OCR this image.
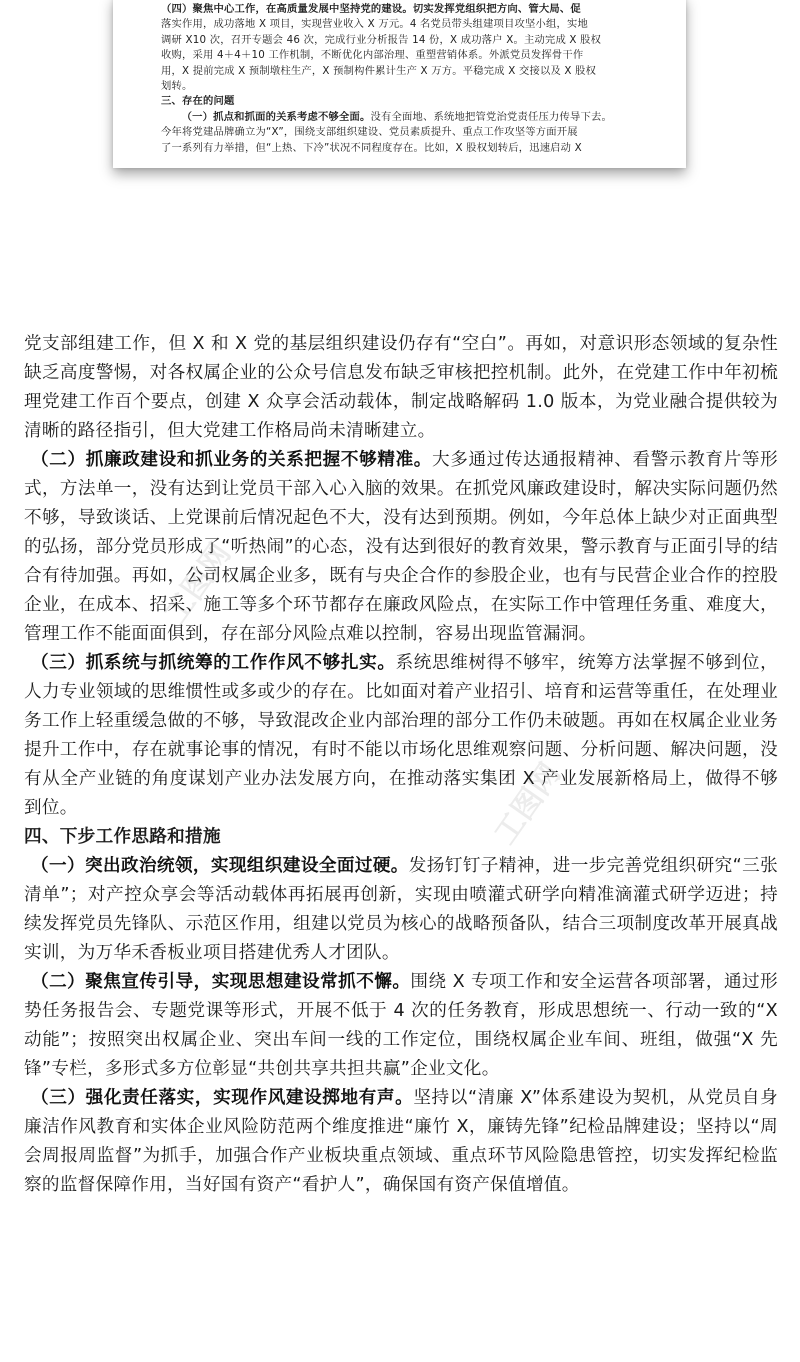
（四）聚焦中心工作，在高质量发展中坚持党的建设。切实发挥党组织把方向、管大局、促

落实作用，成功落地 X 项目，实现营业收入 X 万元。4 名党员带头组建项目攻坚小组，实地

调研 X10 次，召开专题会 46 次，完成行业分析报告 14 份，X 成功落户 X。主动完成 X 股权

收购，采用 4＋4＋10 工作机制，不断优化内部治理、重塑营销体系。外派党员发挥骨干作

用，X 提前完成 X 预制墩柱生产，X 预制构件累计生产 X 万方。平稳完成 X 交接以及 X 股权

划转。

三、存在的问题

（一）抓点和抓面的关系考虑不够全面。没有全面地、系统地把管党治党责任压力传导下去。

今年将党建品牌确立为“X”，围绕支部组织建设、党员素质提升、重点工作攻坚等方面开展

了一系列有力举措，但“上热、下冷”状况不同程度存在。比如，X 股权划转后，迅速启动 X

工图网
工图网

党支部组建工作，但 X 和 X 党的基层组织建设仍存有“空白”。再如，对意识形态领域的复杂性缺乏高度警惕，对各权属企业的公众号信息发布缺乏审核把控机制。此外，在党建工作中年初梳理党建工作百个要点，创建 X 众享会活动载体，制定战略解码 1.0 版本，为党业融合提供较为清晰的路径指引，但大党建工作格局尚未清晰建立。

（二）抓廉政建设和抓业务的关系把握不够精准。大多通过传达通报精神、看警示教育片等形式，方法单一，没有达到让党员干部入心入脑的效果。在抓党风廉政建设时，解决实际问题仍然不够，导致谈话、上党课前后情况起色不大，没有达到预期。例如，今年总体上缺少对正面典型的弘扬，部分党员形成了“听热闹”的心态，没有达到很好的教育效果，警示教育与正面引导的结合有待加强。再如，公司权属企业多，既有与央企合作的参股企业，也有与民营企业合作的控股企业，在成本、招采、施工等多个环节都存在廉政风险点，在实际工作中管理任务重、难度大，管理工作不能面面俱到，存在部分风险点难以控制，容易出现监管漏洞。

（三）抓系统与抓统筹的工作作风不够扎实。系统思维树得不够牢，统筹方法掌握不够到位，人力专业领域的思维惯性或多或少的存在。比如面对着产业招引、培育和运营等重任，在处理业务工作上轻重缓急做的不够，导致混改企业内部治理的部分工作仍未破题。再如在权属企业业务提升工作中，存在就事论事的情况，有时不能以市场化思维观察问题、分析问题、解决问题，没有从全产业链的角度谋划产业办法发展方向，在推动落实集团 X 产业发展新格局上，做得不够到位。

四、下步工作思路和措施

（一）突出政治统领，实现组织建设全面过硬。发扬钉钉子精神，进一步完善党组织研究“三张清单”；对产控众享会等活动载体再拓展再创新，实现由喷灌式研学向精准滴灌式研学迈进；持续发挥党员先锋队、示范区作用，组建以党员为核心的战略预备队，结合三项制度改革开展真战实训，为万华禾香板业项目搭建优秀人才团队。

（二）聚焦宣传引导，实现思想建设常抓不懈。围绕 X 专项工作和安全运营各项部署，通过形势任务报告会、专题党课等形式，开展不低于 4 次的任务教育，形成思想统一、行动一致的“X 动能”；按照突出权属企业、突出车间一线的工作定位，围绕权属企业车间、班组，做强“X 先锋”专栏，多形式多方位彰显“共创共享共担共赢”企业文化。

（三）强化责任落实，实现作风建设掷地有声。坚持以“清廉 X”体系建设为契机，从党员自身廉洁作风教育和实体企业风险防范两个维度推进“廉竹 X，廉铸先锋”纪检品牌建设；坚持以“周会周报周监督”为抓手，加强合作产业板块重点领域、重点环节风险隐患管控，切实发挥纪检监察的监督保障作用，当好国有资产“看护人”，确保国有资产保值增值。
